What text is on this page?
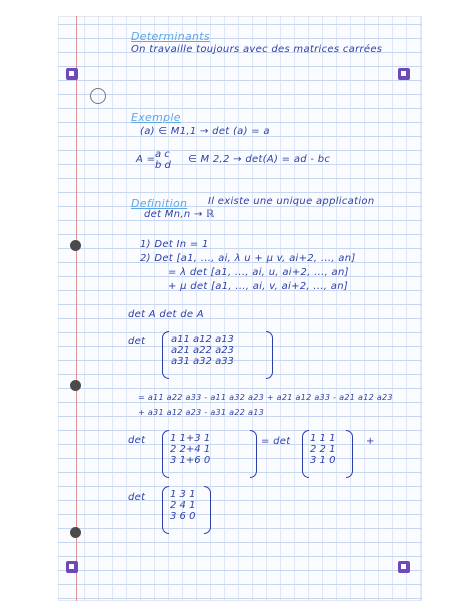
Determinants
On travaille toujours avec des matrices carrées
Exemple
(a) ∈ M1,1 → det (a) = a
A = a c
b d
∈ M 2,2 → det(A) = ad - bc
Definition Il existe une unique application
det Mn,n → ℝ
1) Det In = 1
2) Det [a1, ..., ai, λ u + μ v, ai+2, ..., an]
= λ det [a1, ..., ai, u, ai+2, ..., an]
+ μ det [a1, ..., ai, v, ai+2, ..., an]
det A det de A
det	a11 a12 a13
a21 a22 a23
a31 a32 a33
= a11 a22 a33 - a11 a32 a23 + a21 a12 a33 - a21 a12 a23
+ a31 a12 a23 - a31 a22 a13
det 1 1+3 1
2 2+4 1
3 1+6 0
= det 1 1 1
2 2 1
3 1 0
+
det 1 3 1
2 4 1
3 6 0
